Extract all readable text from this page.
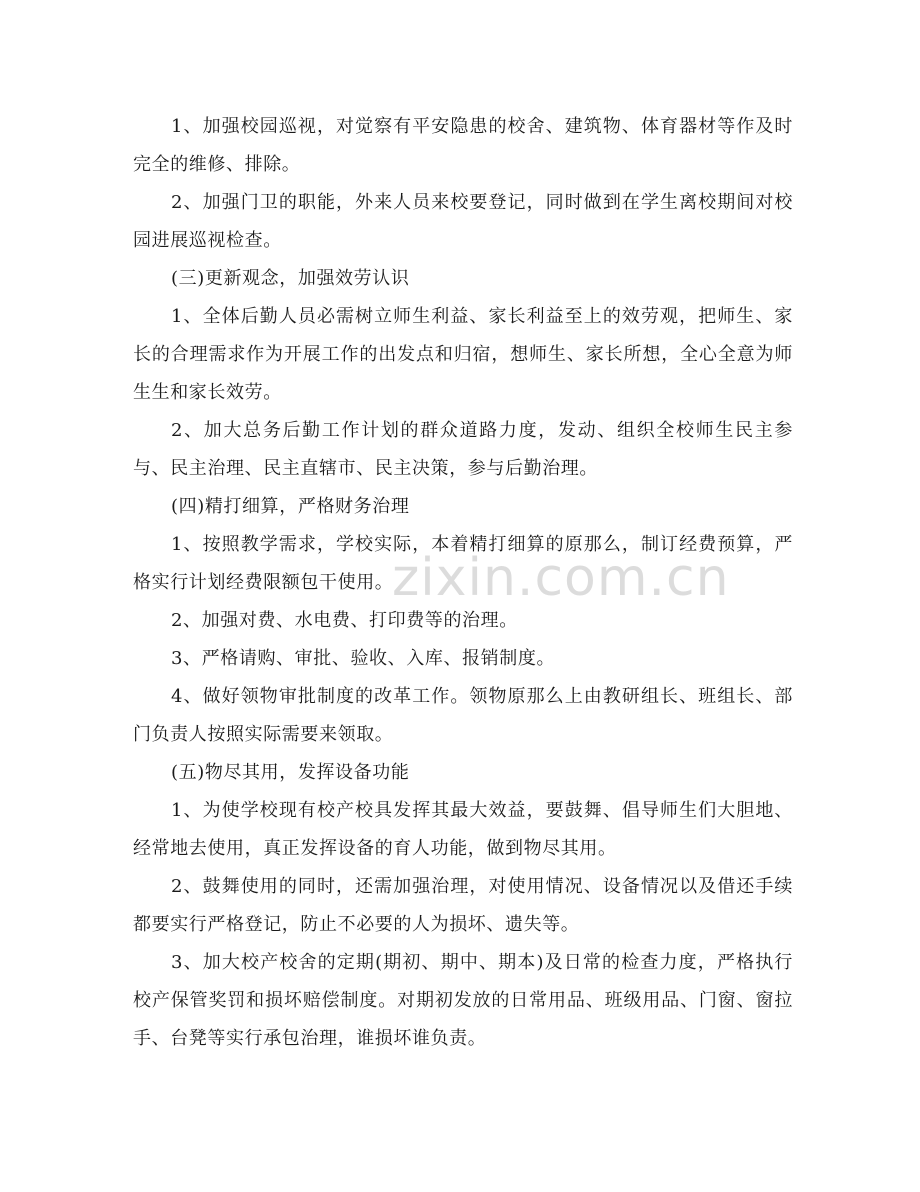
1、加强校园巡视，对觉察有平安隐患的校舍、建筑物、体育器材等作及时完全的维修、排除。

2、加强门卫的职能，外来人员来校要登记，同时做到在学生离校期间对校园进展巡视检查。

(三)更新观念，加强效劳认识

1、全体后勤人员必需树立师生利益、家长利益至上的效劳观，把师生、家长的合理需求作为开展工作的出发点和归宿，想师生、家长所想，全心全意为师生生和家长效劳。

2、加大总务后勤工作计划的群众道路力度，发动、组织全校师生民主参与、民主治理、民主直辖市、民主决策，参与后勤治理。

(四)精打细算，严格财务治理

1、按照教学需求，学校实际，本着精打细算的原那么，制订经费预算，严格实行计划经费限额包干使用。

2、加强对费、水电费、打印费等的治理。

3、严格请购、审批、验收、入库、报销制度。

4、做好领物审批制度的改革工作。领物原那么上由教研组长、班组长、部门负责人按照实际需要来领取。

(五)物尽其用，发挥设备功能

1、为使学校现有校产校具发挥其最大效益，要鼓舞、倡导师生们大胆地、经常地去使用，真正发挥设备的育人功能，做到物尽其用。

2、鼓舞使用的同时，还需加强治理，对使用情况、设备情况以及借还手续都要实行严格登记，防止不必要的人为损坏、遗失等。

3、加大校产校舍的定期(期初、期中、期本)及日常的检查力度，严格执行校产保管奖罚和损坏赔偿制度。对期初发放的日常用品、班级用品、门窗、窗拉手、台凳等实行承包治理，谁损坏谁负责。

zixin.com.cn
